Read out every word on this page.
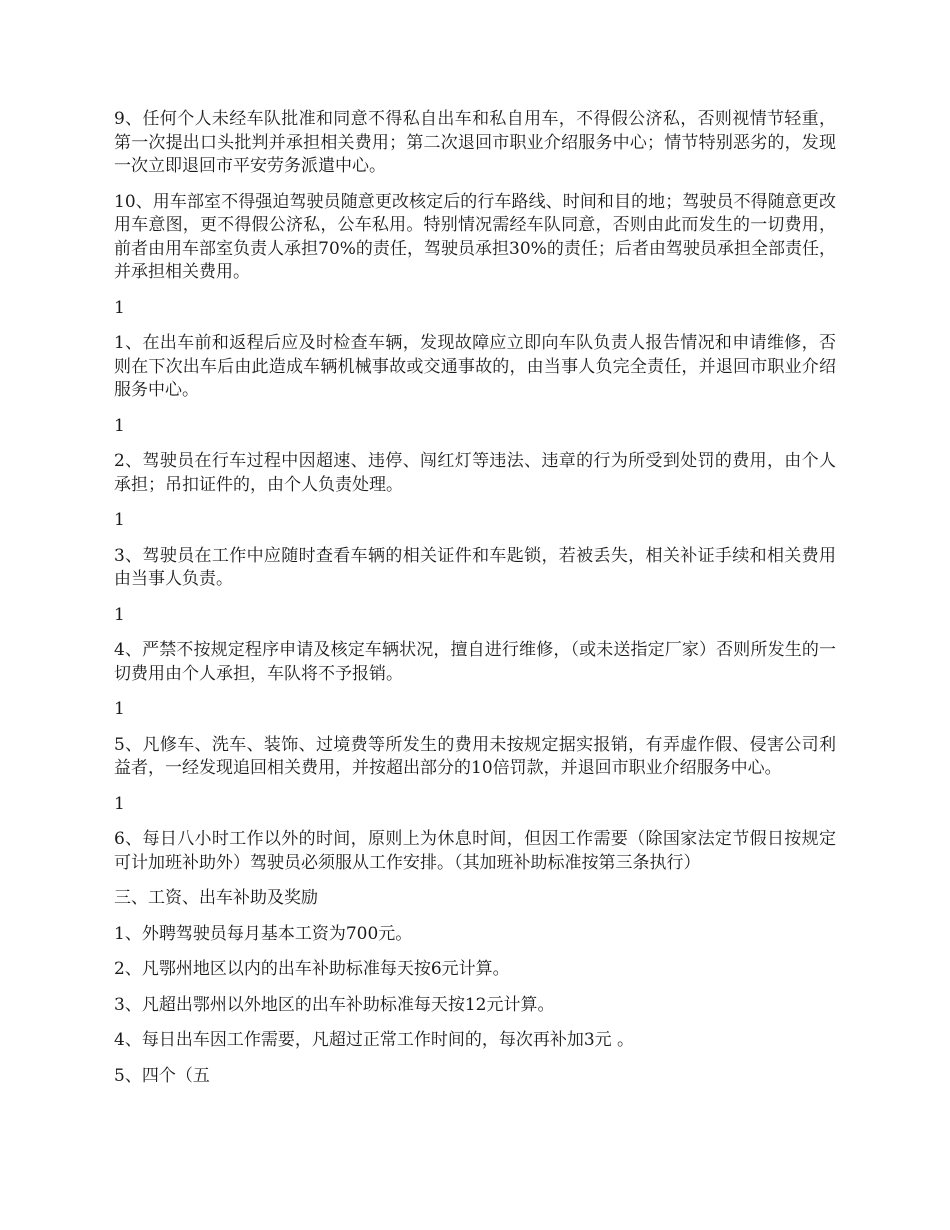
9、任何个人未经车队批准和同意不得私自出车和私自用车，不得假公济私，否则视情节轻重，第一次提出口头批判并承担相关费用；第二次退回市职业介绍服务中心；情节特别恶劣的，发现一次立即退回市平安劳务派遣中心。

10、用车部室不得强迫驾驶员随意更改核定后的行车路线、时间和目的地；驾驶员不得随意更改用车意图，更不得假公济私，公车私用。特别情况需经车队同意，否则由此而发生的一切费用，前者由用车部室负责人承担70%的责任，驾驶员承担30%的责任；后者由驾驶员承担全部责任，并承担相关费用。

1

1、在出车前和返程后应及时检查车辆，发现故障应立即向车队负责人报告情况和申请维修，否则在下次出车后由此造成车辆机械事故或交通事故的，由当事人负完全责任，并退回市职业介绍服务中心。

1

2、驾驶员在行车过程中因超速、违停、闯红灯等违法、违章的行为所受到处罚的费用，由个人承担；吊扣证件的，由个人负责处理。

1

3、驾驶员在工作中应随时查看车辆的相关证件和车匙锁，若被丢失，相关补证手续和相关费用由当事人负责。

1

4、严禁不按规定程序申请及核定车辆状况，擅自进行维修，（或未送指定厂家）否则所发生的一切费用由个人承担，车队将不予报销。

1

5、凡修车、洗车、装饰、过境费等所发生的费用未按规定据实报销，有弄虚作假、侵害公司利益者，一经发现追回相关费用，并按超出部分的10倍罚款，并退回市职业介绍服务中心。

1

6、每日八小时工作以外的时间，原则上为休息时间，但因工作需要（除国家法定节假日按规定可计加班补助外）驾驶员必须服从工作安排。（其加班补助标准按第三条执行）

三、工资、出车补助及奖励

1、外聘驾驶员每月基本工资为700元。

2、凡鄂州地区以内的出车补助标准每天按6元计算。

3、凡超出鄂州以外地区的出车补助标准每天按12元计算。

4、每日出车因工作需要，凡超过正常工作时间的，每次再补加3元 。

5、四个（五
